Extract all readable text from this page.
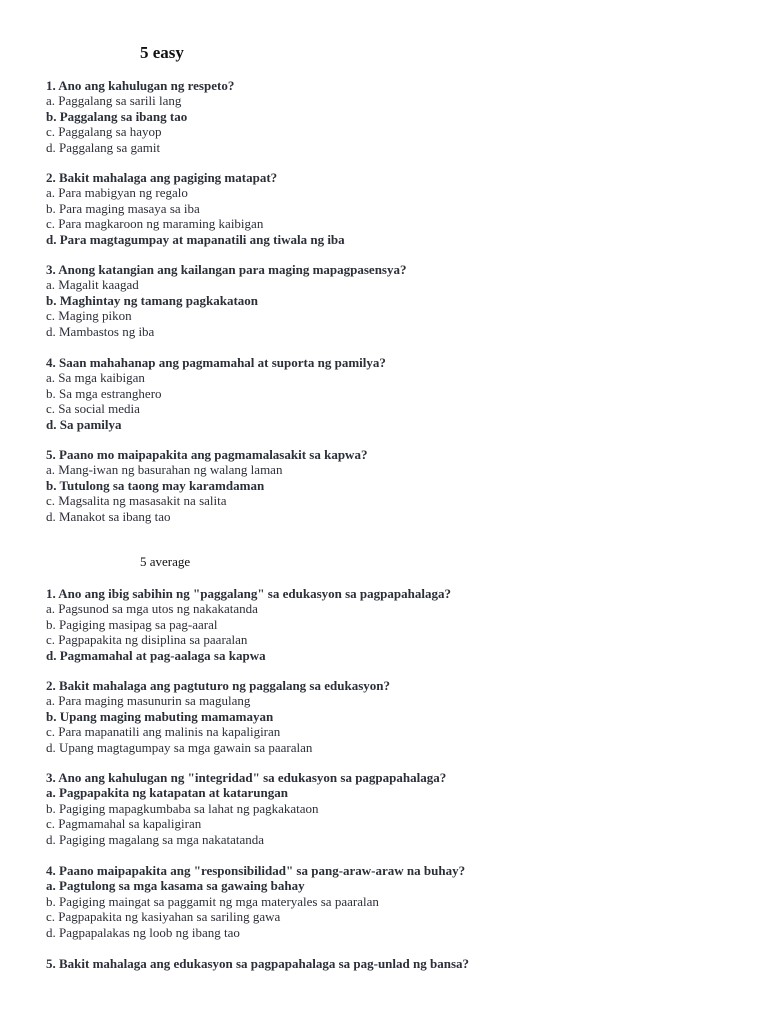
5 easy
1. Ano ang kahulugan ng respeto?
a. Paggalang sa sarili lang
b. Paggalang sa ibang tao
c. Paggalang sa hayop
d. Paggalang sa gamit
2. Bakit mahalaga ang pagiging matapat?
a. Para mabigyan ng regalo
b. Para maging masaya sa iba
c. Para magkaroon ng maraming kaibigan
d. Para magtagumpay at mapanatili ang tiwala ng iba
3. Anong katangian ang kailangan para maging mapagpasensya?
a. Magalit kaagad
b. Maghintay ng tamang pagkakataon
c. Maging pikon
d. Mambastos ng iba
4. Saan mahahanap ang pagmamahal at suporta ng pamilya?
a. Sa mga kaibigan
b. Sa mga estranghero
c. Sa social media
d. Sa pamilya
5. Paano mo maipapakita ang pagmamalasakit sa kapwa?
a. Mang-iwan ng basurahan ng walang laman
b. Tutulong sa taong may karamdaman
c. Magsalita ng masasakit na salita
d. Manakot sa ibang tao
5 average
1. Ano ang ibig sabihin ng "paggalang" sa edukasyon sa pagpapahalaga?
a. Pagsunod sa mga utos ng nakakatanda
b. Pagiging masipag sa pag-aaral
c. Pagpapakita ng disiplina sa paaralan
d. Pagmamahal at pag-aalaga sa kapwa
2. Bakit mahalaga ang pagtuturo ng paggalang sa edukasyon?
a. Para maging masunurin sa magulang
b. Upang maging mabuting mamamayan
c. Para mapanatili ang malinis na kapaligiran
d. Upang magtagumpay sa mga gawain sa paaralan
3. Ano ang kahulugan ng "integridad" sa edukasyon sa pagpapahalaga?
a. Pagpapakita ng katapatan at katarungan
b. Pagiging mapagkumbaba sa lahat ng pagkakataon
c. Pagmamahal sa kapaligiran
d. Pagiging magalang sa mga nakatatanda
4. Paano maipapakita ang "responsibilidad" sa pang-araw-araw na buhay?
a. Pagtulong sa mga kasama sa gawaing bahay
b. Pagiging maingat sa paggamit ng mga materyales sa paaralan
c. Pagpapakita ng kasiyahan sa sariling gawa
d. Pagpapalakas ng loob ng ibang tao
5. Bakit mahalaga ang edukasyon sa pagpapahalaga sa pag-unlad ng bansa?
